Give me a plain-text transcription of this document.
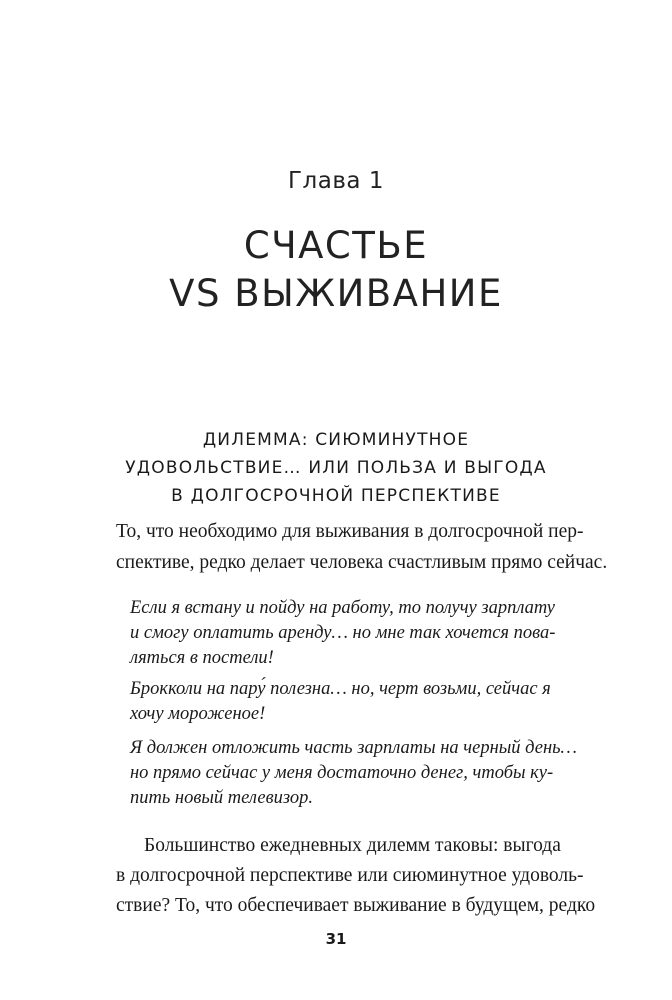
Глава 1
СЧАСТЬЕ
VS ВЫЖИВАНИЕ
ДИЛЕММА: СИЮМИНУТНОЕ
УДОВОЛЬСТВИЕ… ИЛИ ПОЛЬЗА И ВЫГОДА
В ДОЛГОСРОЧНОЙ ПЕРСПЕКТИВЕ

То, что необходимо для выживания в долгосрочной пер-
спективе, редко делает человека счастливым прямо сейчас.

Если я встану и пойду на работу, то получу зарплату
и смогу оплатить аренду… но мне так хочется пова-
ляться в постели!

Брокколи на пару́ полезна… но, черт возьми, сейчас я
хочу мороженое!

Я должен отложить часть зарплаты на черный день…
но прямо сейчас у меня достаточно денег, чтобы ку-
пить новый телевизор.

Большинство ежедневных дилемм таковы: выгода
в долгосрочной перспективе или сиюминутное удоволь-
ствие? То, что обеспечивает выживание в будущем, редко

31
